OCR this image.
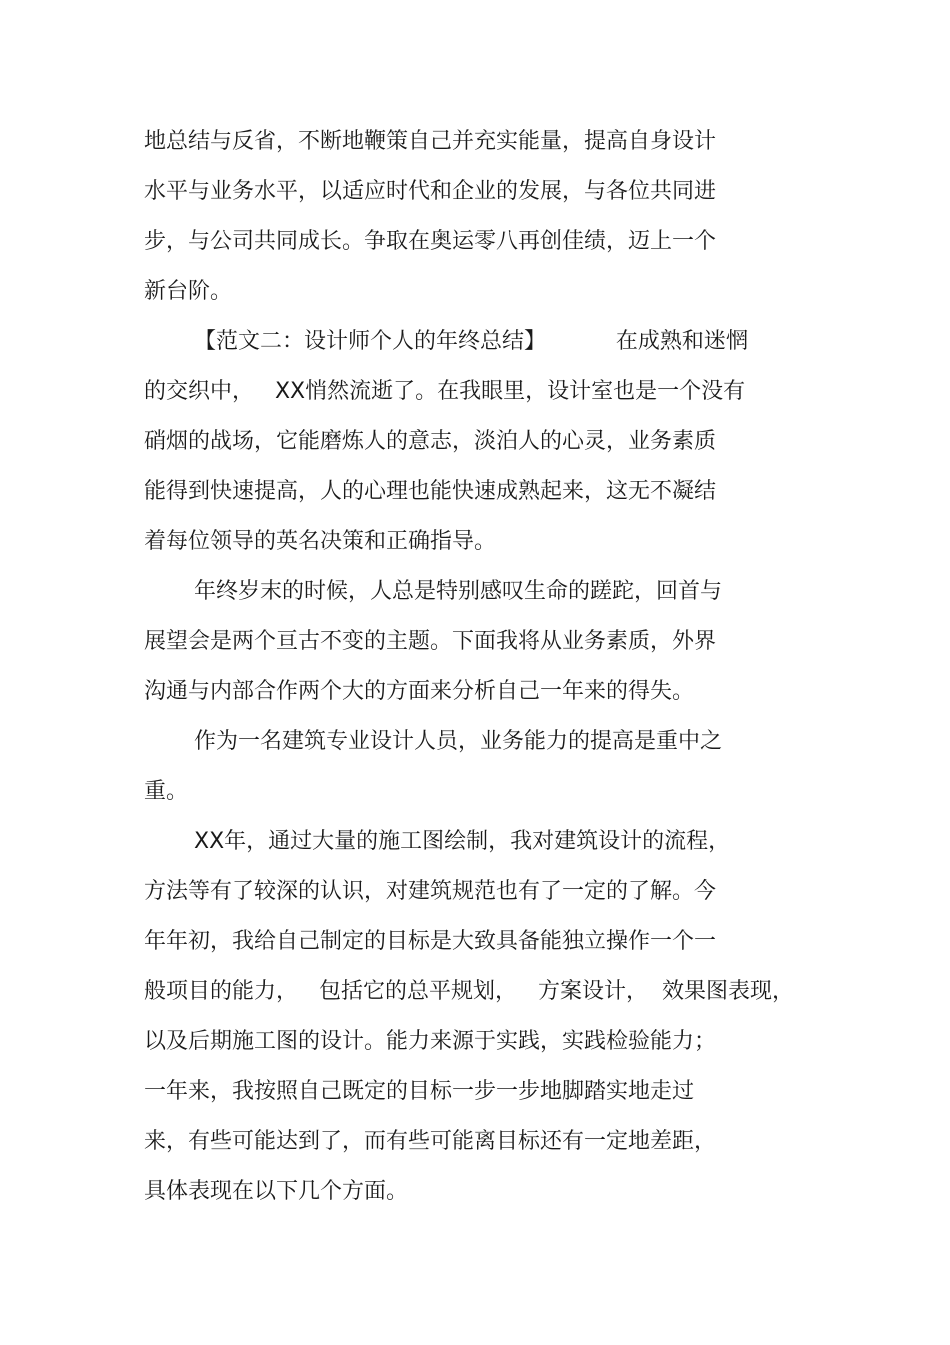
地总结与反省，不断地鞭策自己并充实能量，提高自身设计

水平与业务水平，以适应时代和企业的发展，与各位共同进

步，与公司共同成长。争取在奥运零八再创佳绩，迈上一个

新台阶。

【范文二：设计师个人的年终总结】          在成熟和迷惘

的交织中，   XX悄然流逝了。在我眼里，设计室也是一个没有

硝烟的战场，它能磨炼人的意志，淡泊人的心灵，业务素质

能得到快速提高，人的心理也能快速成熟起来，这无不凝结

着每位领导的英名决策和正确指导。

年终岁末的时候，人总是特别感叹生命的蹉跎，回首与

展望会是两个亘古不变的主题。下面我将从业务素质，外界

沟通与内部合作两个大的方面来分析自己一年来的得失。

作为一名建筑专业设计人员，业务能力的提高是重中之

重。

XX年，通过大量的施工图绘制，我对建筑设计的流程，

方法等有了较深的认识，对建筑规范也有了一定的了解。今

年年初，我给自己制定的目标是大致具备能独立操作一个一

般项目的能力，   包括它的总平规划，   方案设计，  效果图表现，

以及后期施工图的设计。能力来源于实践，实践检验能力；

一年来，我按照自己既定的目标一步一步地脚踏实地走过

来，有些可能达到了，而有些可能离目标还有一定地差距，

具体表现在以下几个方面。
